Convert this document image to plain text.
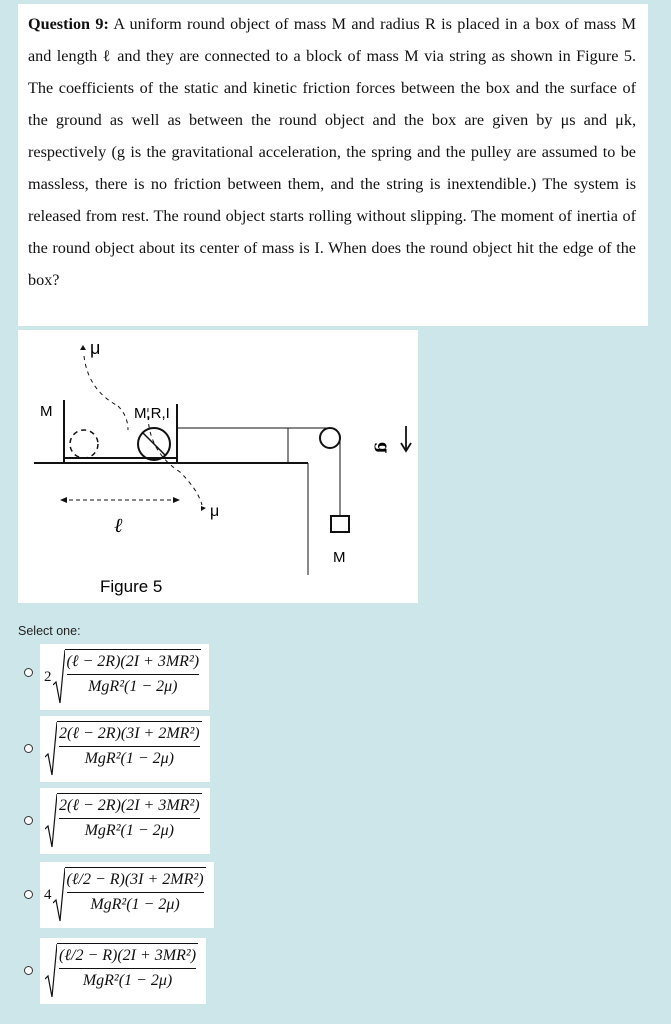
Question 9: A uniform round object of mass M and radius R is placed in a box of mass M and length ℓ and they are connected to a block of mass M via string as shown in Figure 5. The coefficients of the static and kinetic friction forces between the box and the surface of the ground as well as between the round object and the box are given by μs and μk, respectively (g is the gravitational acceleration, the spring and the pulley are assumed to be massless, there is no friction between them, and the string is inextendible.) The system is released from rest. The round object starts rolling without slipping. The moment of inertia of the round object about its center of mass is I. When does the round object hit the edge of the box?

μ
M	M,R,I
μ
ℓ
M
Figure 5
g
Select one:
$2 \frac{\text{(ℓ − 2R)(2I + 3MR²)}}{\text{MgR²(1 − 2μ)}}$
$\frac{\text{2(ℓ − 2R)(3I + 2MR²)}}{\text{MgR²(1 − 2μ)}}$
$\frac{\text{2(ℓ − 2R)(2I + 3MR²)}}{\text{MgR²(1 − 2μ)}}$
$4 \frac{\text{(ℓ/2 − R)(3I + 2MR²)}}{\text{MgR²(1 − 2μ)}}$
$\frac{\text{(ℓ/2 − R)(2I + 3MR²)}}{\text{MgR²(1 − 2μ)}}$
